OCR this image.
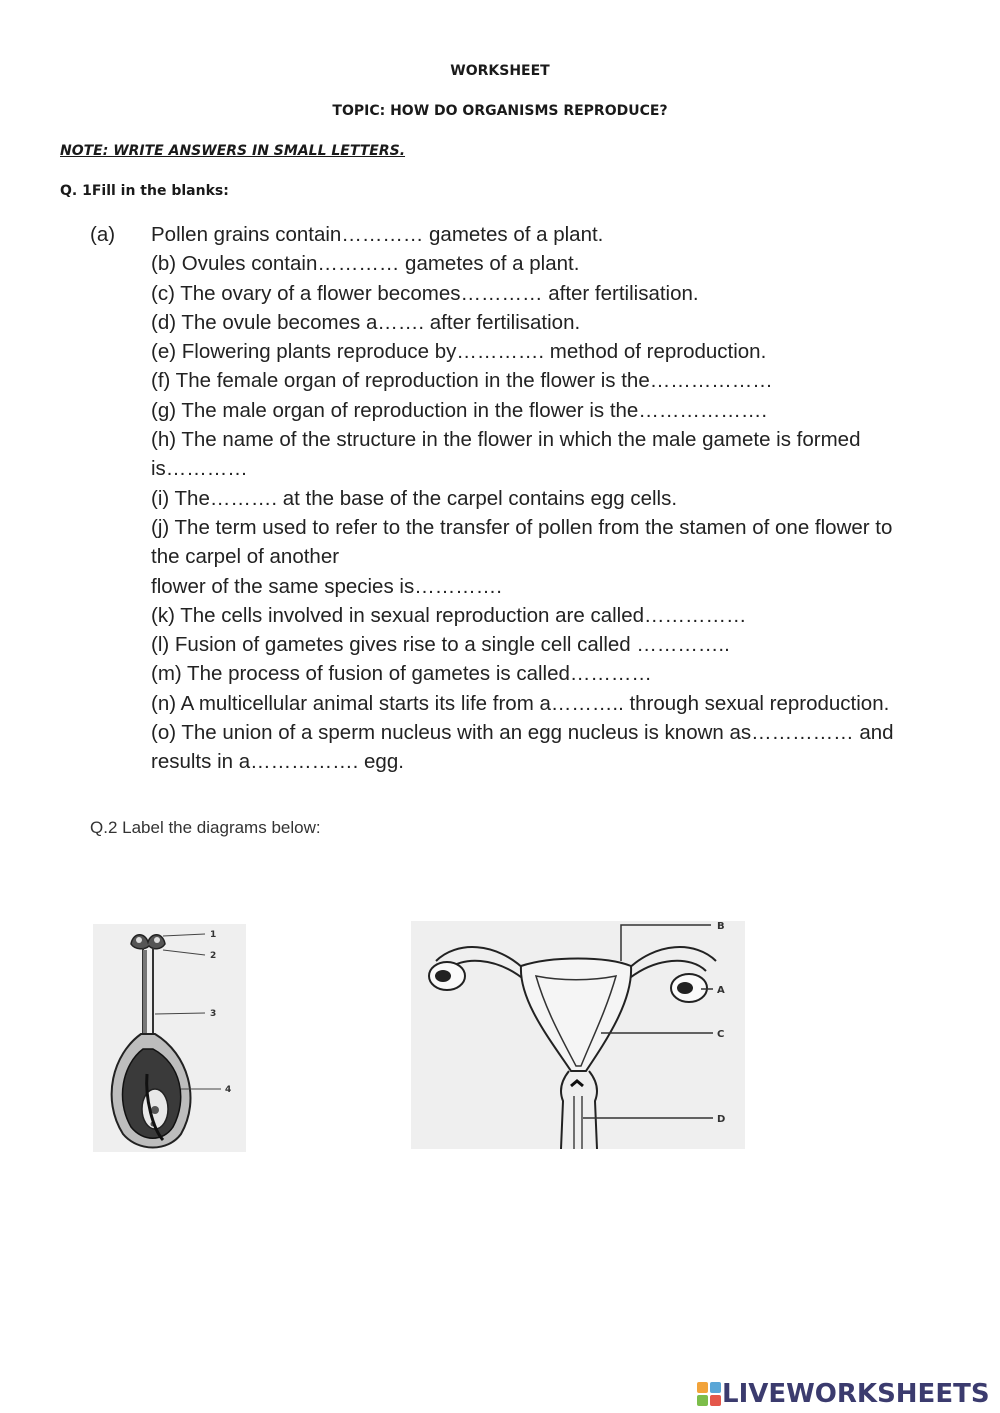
WORKSHEET
TOPIC: HOW DO ORGANISMS REPRODUCE?
NOTE: WRITE ANSWERS IN SMALL LETTERS.
Q. 1Fill in the blanks:
(a) Pollen grains contain………… gametes of a plant.
(b) Ovules contain………… gametes of a plant.
(c) The ovary of a flower becomes………… after fertilisation.
(d) The ovule becomes a……. after fertilisation.
(e) Flowering plants reproduce by…………. method of reproduction.
(f) The female organ of reproduction in the flower is the………………
(g) The male organ of reproduction in the flower is the……………….
(h) The name of the structure in the flower in which the male gamete is formed is…………
(i) The………. at the base of the carpel contains egg cells.
(j) The term used to refer to the transfer of pollen from the stamen of one flower to the carpel of another
flower of the same species is………….
(k) The cells involved in sexual reproduction are called……………
(l) Fusion of gametes gives rise to a single cell called …………..
(m) The process of fusion of gametes is called…………
(n) A multicellular animal starts its life from a……….. through sexual reproduction.
(o) The union of a sperm nucleus with an egg nucleus is known as…………… and results in a……………. egg.
Q.2 Label the diagrams below:
1
2
3
4
B
A
C
D
LIVEWORKSHEETS
